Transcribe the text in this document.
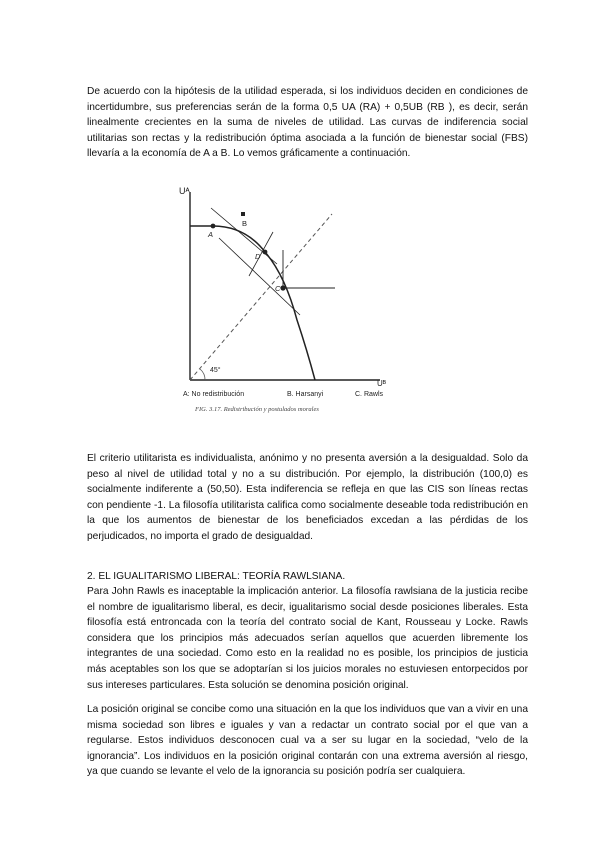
De acuerdo con la hipótesis de la utilidad esperada, si los individuos deciden en condiciones de incertidumbre, sus preferencias serán de la forma 0,5 UA (RA) + 0,5UB (RB ), es decir, serán linealmente crecientes en la suma de niveles de utilidad. Las curvas de indiferencia social utilitarias son rectas y la redistribución óptima asociada a la función de bienestar social (FBS) llevaría a la economía de A a B. Lo vemos gráficamente a continuación.

Uᴬ
Uᴮ
45°
A
B
D
C
A: No redistribución	B. Harsanyi	C. Rawls
FIG. 3.17. Redistribución y postulados morales

El criterio utilitarista es individualista, anónimo y no presenta aversión a la desigualdad. Solo da peso al nivel de utilidad total y no a su distribución. Por ejemplo, la distribución (100,0) es socialmente indiferente a (50,50). Esta indiferencia se refleja en que las CIS son líneas rectas con pendiente -1. La filosofía utilitarista califica como socialmente deseable toda redistribución en la que los aumentos de bienestar de los beneficiados excedan a las pérdidas de los perjudicados, no importa el grado de desigualdad.

2. EL IGUALITARISMO LIBERAL: TEORÍA RAWLSIANA.

Para John Rawls es inaceptable la implicación anterior. La filosofía rawlsiana de la justicia recibe el nombre de igualitarismo liberal, es decir, igualitarismo social desde posiciones liberales. Esta filosofía está entroncada con la teoría del contrato social de Kant, Rousseau y Locke. Rawls considera que los principios más adecuados serían aquellos que acuerden libremente los integrantes de una sociedad. Como esto en la realidad no es posible, los principios de justicia más aceptables son los que se adoptarían si los juicios morales no estuviesen entorpecidos por sus intereses particulares. Esta solución se denomina posición original.

La posición original se concibe como una situación en la que los individuos que van a vivir en una misma sociedad son libres e iguales y van a redactar un contrato social por el que van a regularse. Estos individuos desconocen cual va a ser su lugar en la sociedad, “velo de la ignorancia”. Los individuos en la posición original contarán con una extrema aversión al riesgo, ya que cuando se levante el velo de la ignorancia su posición podría ser cualquiera.
